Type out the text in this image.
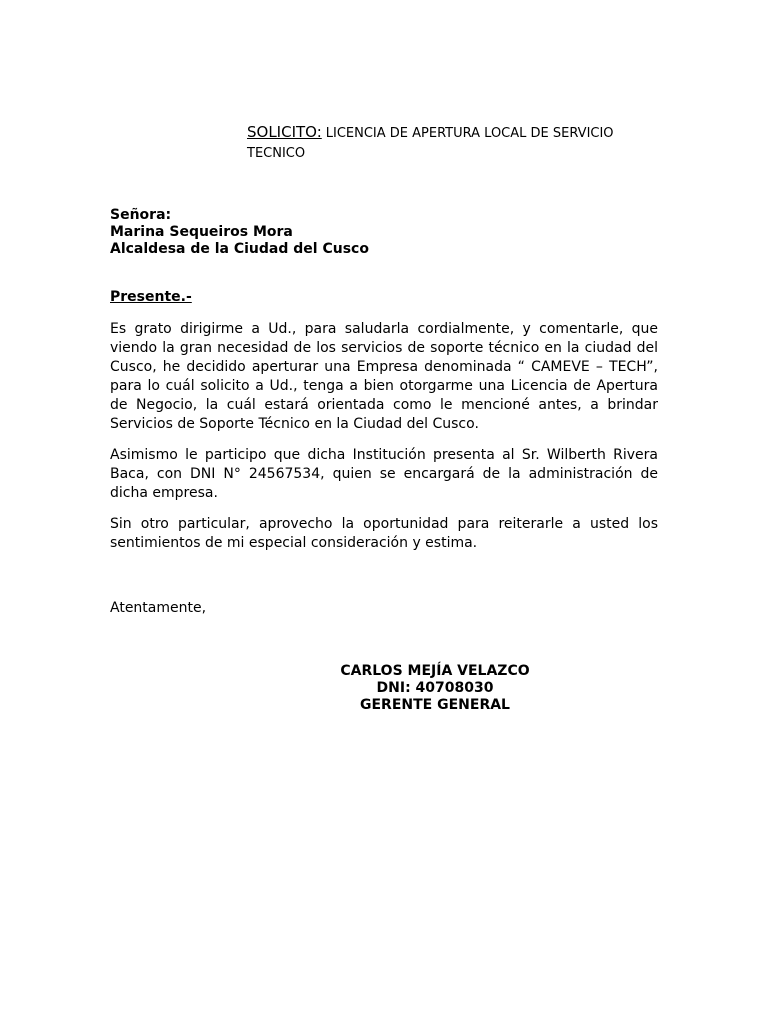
SOLICITO: LICENCIA DE APERTURA LOCAL DE SERVICIO TECNICO
Señora:
Marina Sequeiros Mora
Alcaldesa de la Ciudad del Cusco
Presente.-

Es grato dirigirme a Ud., para saludarla cordialmente, y comentarle, que viendo la gran necesidad de los servicios de soporte técnico en la ciudad del Cusco, he decidido aperturar una Empresa denominada “ CAMEVE – TECH”, para lo cuál solicito a Ud., tenga a bien otorgarme una Licencia de Apertura de Negocio, la cuál estará orientada como le mencioné antes, a brindar Servicios de Soporte Técnico en la Ciudad del Cusco.

Asimismo le participo que dicha Institución presenta al Sr. Wilberth Rivera Baca, con DNI N° 24567534, quien se encargará de la administración de dicha empresa.

Sin otro particular, aprovecho la oportunidad para reiterarle a usted los sentimientos de mi especial consideración y estima.

Atentamente,
CARLOS MEJÍA VELAZCO
DNI: 40708030
GERENTE GENERAL
